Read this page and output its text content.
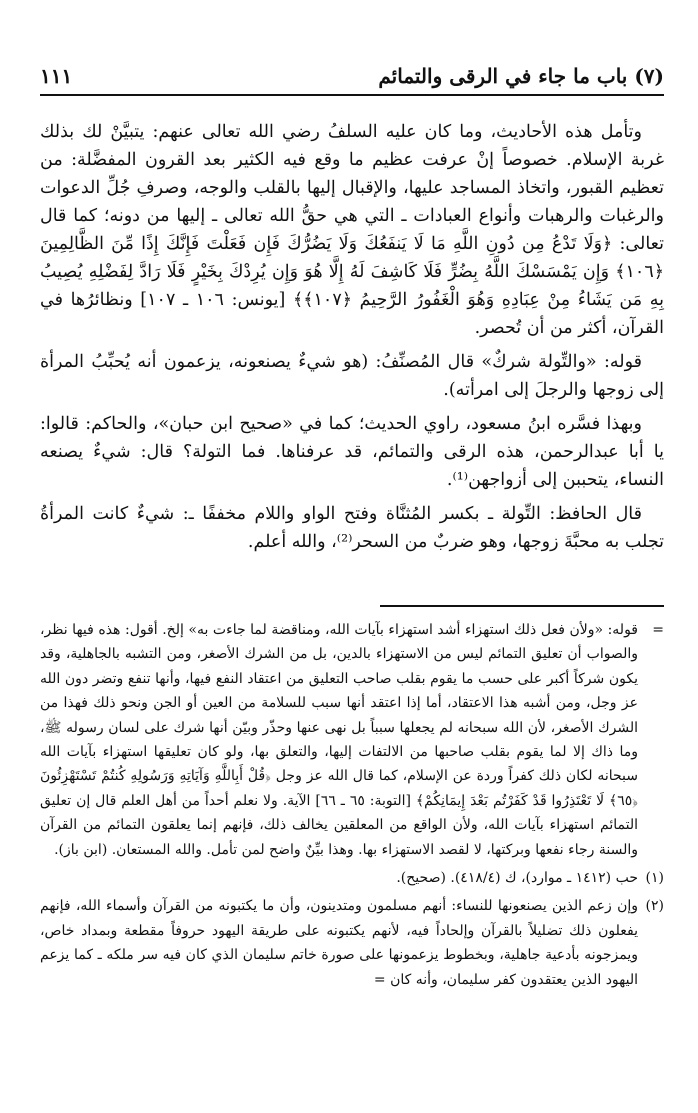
(٧) باب ما جاء في الرقى والتمائم
١١١

وتأمل هذه الأحاديث، وما كان عليه السلفُ رضي الله تعالى عنهم: يتبيَّنْ لك بذلك غربة الإسلام. خصوصاً إنْ عرفت عظيم ما وقع فيه الكثير بعد القرون المفضَّلة: من تعظيم القبور، واتخاذ المساجد عليها، والإقبال إليها بالقلب والوجه، وصرفِ جُلِّ الدعوات والرغبات والرهبات وأنواع العبادات ـ التي هي حقُّ الله تعالى ـ إليها من دونه؛ كما قال تعالى: ﴿وَلَا تَدْعُ مِن دُونِ اللَّهِ مَا لَا يَنفَعُكَ وَلَا يَضُرُّكَ فَإِن فَعَلْتَ فَإِنَّكَ إِذًا مِّنَ الظَّالِمِينَ ﴿١٠٦﴾ وَإِن يَمْسَسْكَ اللَّهُ بِضُرٍّ فَلَا كَاشِفَ لَهُ إِلَّا هُوَ وَإِن يُرِدْكَ بِخَيْرٍ فَلَا رَادَّ لِفَضْلِهِ يُصِيبُ بِهِ مَن يَشَاءُ مِنْ عِبَادِهِ وَهُوَ الْغَفُورُ الرَّحِيمُ ﴿١٠٧﴾﴾ [يونس: ١٠٦ ـ ١٠٧] ونظائرُها في القرآن، أكثر من أن تُحصر.

قوله: «والتِّولة شركٌ» قال المُصنِّفُ: (هو شيءٌ يصنعونه، يزعمون أنه يُحبِّبُ المرأة إلى زوجها والرجلَ إلى امرأته).

وبهذا فسَّره ابنُ مسعود، راوي الحديث؛ كما في «صحيح ابن حبان»، والحاكم: قالوا: يا أبا عبدالرحمن، هذه الرقى والتمائم، قد عرفناها. فما التولة؟ قال: شيءٌ يصنعه النساء، يتحببن إلى أزواجهن⁽¹⁾.

قال الحافظ: التِّولة ـ بكسر المُثنَّاة وفتح الواو واللام مخففًا ـ: شيءٌ كانت المرأةُ تجلب به محبَّةَ زوجها، وهو ضربٌ من السحر⁽²⁾، والله أعلم.

=
قوله: «ولأن فعل ذلك استهزاء أشد استهزاء بآيات الله، ومناقضة لما جاءت به» إلخ. أقول: هذه فيها نظر، والصواب أن تعليق التمائم ليس من الاستهزاء بالدين، بل من الشرك الأصغر، ومن التشبه بالجاهلية، وقد يكون شركاً أكبر على حسب ما يقوم بقلب صاحب التعليق من اعتقاد النفع فيها، وأنها تنفع وتضر دون الله عز وجل، ومن أشبه هذا الاعتقاد، أما إذا اعتقد أنها سبب للسلامة من العين أو الجن ونحو ذلك فهذا من الشرك الأصغر، لأن الله سبحانه لم يجعلها سبباً بل نهى عنها وحذّر وبيّن أنها شرك على لسان رسوله ﷺ، وما ذاك إلا لما يقوم بقلب صاحبها من الالتفات إليها، والتعلق بها، ولو كان تعليقها استهزاء بآيات الله سبحانه لكان ذلك كفراً وردة عن الإسلام، كما قال الله عز وجل ﴿قُلْ أَبِاللَّهِ وَآيَاتِهِ وَرَسُولِهِ كُنتُمْ تَسْتَهْزِئُونَ ﴿٦٥﴾ لَا تَعْتَذِرُوا قَدْ كَفَرْتُم بَعْدَ إِيمَانِكُمْ﴾ [التوبة: ٦٥ ـ ٦٦] الآية. ولا نعلم أحداً من أهل العلم قال إن تعليق التمائم استهزاء بآيات الله، ولأن الواقع من المعلقين يخالف ذلك، فإنهم إنما يعلقون التمائم من القرآن والسنة رجاء نفعها وبركتها، لا لقصد الاستهزاء بها. وهذا بيِّنٌ واضح لمن تأمل. والله المستعان. (ابن باز).
(١)
حب (١٤١٢ ـ موارد)، ك (٤١٨/٤). (صحيح).
(٢)
وإن زعم الذين يصنعونها للنساء: أنهم مسلمون ومتدينون، وأن ما يكتبونه من القرآن وأسماء الله، فإنهم يفعلون ذلك تضليلاً بالقرآن وإلحاداً فيه، لأنهم يكتبونه على طريقة اليهود حروفاً مقطعة وبمداد خاص، ويمزجونه بأدعية جاهلية، وبخطوط يزعمونها على صورة خاتم سليمان الذي كان فيه سر ملكه ـ كما يزعم اليهود الذين يعتقدون كفر سليمان، وأنه كان =
